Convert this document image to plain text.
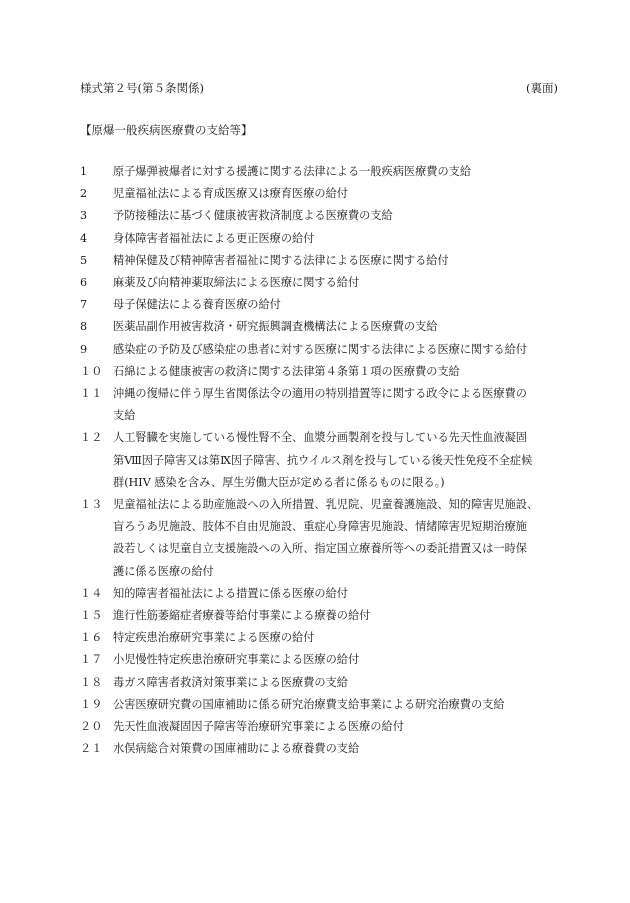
様式第２号(第５条関係)	(裏面)
【原爆一般疾病医療費の支給等】
1	原子爆弾被爆者に対する援護に関する法律による一般疾病医療費の支給
2	児童福祉法による育成医療又は療育医療の給付
3	予防接種法に基づく健康被害救済制度よる医療費の支給
4	身体障害者福祉法による更正医療の給付
5	精神保健及び精神障害者福祉に関する法律による医療に関する給付
6	麻薬及び向精神薬取締法による医療に関する給付
7	母子保健法による養育医療の給付
8	医薬品副作用被害救済・研究振興調査機構法による医療費の支給
9	感染症の予防及び感染症の患者に対する医療に関する法律による医療に関する給付
１０ 石綿による健康被害の救済に関する法律第４条第１項の医療費の支給
１１ 沖縄の復帰に伴う厚生省関係法令の適用の特別措置等に関する政令による医療費の
支給
１２ 人工腎臓を実施している慢性腎不全、血漿分画製剤を投与している先天性血液凝固
第Ⅷ因子障害又は第Ⅸ因子障害、抗ウイルス剤を投与している後天性免疫不全症候
群(HIV 感染を含み、厚生労働大臣が定める者に係るものに限る。)
１３ 児童福祉法による助産施設への入所措置、乳児院、児童養護施設、知的障害児施設、
盲ろうあ児施設、肢体不自由児施設、重症心身障害児施設、情緒障害児短期治療施
設若しくは児童自立支援施設への入所、指定国立療養所等への委託措置又は一時保
護に係る医療の給付
１４ 知的障害者福祉法による措置に係る医療の給付
１５ 進行性筋萎縮症者療養等給付事業による療養の給付
１６ 特定疾患治療研究事業による医療の給付
１７ 小児慢性特定疾患治療研究事業による医療の給付
１８ 毒ガス障害者救済対策事業による医療費の支給
１９ 公害医療研究費の国庫補助に係る研究治療費支給事業による研究治療費の支給
２０ 先天性血液凝固因子障害等治療研究事業による医療の給付
２１ 水俣病総合対策費の国庫補助による療養費の支給
